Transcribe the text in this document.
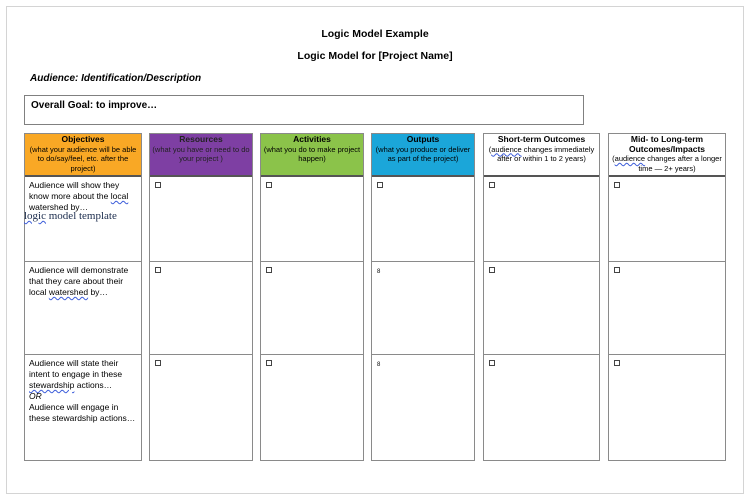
Logic Model Example
Logic Model for [Project Name]
Audience: Identification/Description
Overall Goal: to improve…
Objectives
(what your audience will be able to do/say/feel, etc. after the project)
Audience will show they know more about the local watershed by…
Audience will demonstrate that they care about their local watershed by…
Audience will state their intent to engage in these stewardship actions…
OR
Audience will engage in these stewardship actions…
Resources
(what you have or need to do your project )
Activities
(what you do to make project happen)
Outputs
(what you produce or deliver as part of the project)
8
8
Short-term Outcomes
(audience changes immediately after or within 1 to 2 years)
Mid- to Long-term Outcomes/Impacts
(audience changes after a longer time — 2+ years)
logic model template
